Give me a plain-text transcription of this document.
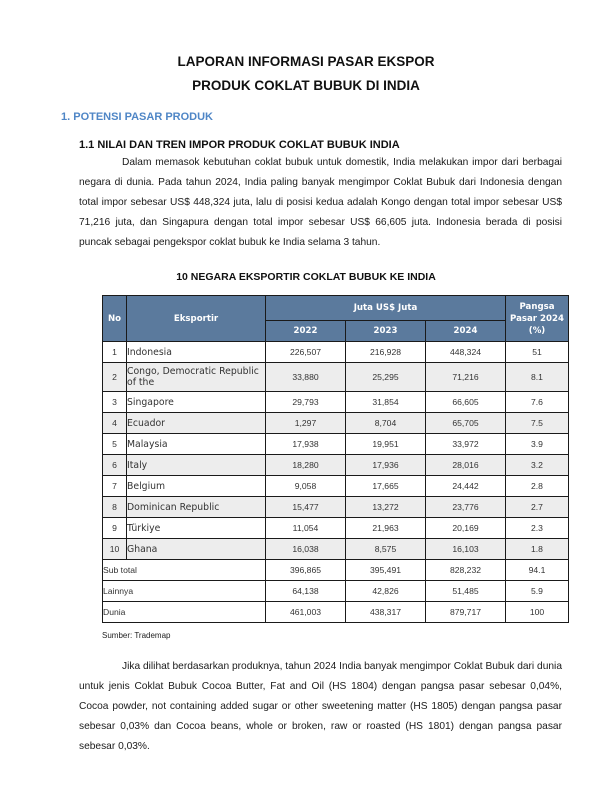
LAPORAN INFORMASI PASAR EKSPOR
PRODUK COKLAT BUBUK DI INDIA
1. POTENSI PASAR PRODUK
1.1 NILAI DAN TREN IMPOR PRODUK COKLAT BUBUK INDIA
Dalam memasok kebutuhan coklat bubuk untuk domestik, India melakukan impor dari berbagai negara di dunia. Pada tahun 2024, India paling banyak mengimpor Coklat Bubuk dari Indonesia dengan total impor sebesar US$ 448,324 juta, lalu di posisi kedua adalah Kongo dengan total impor sebesar US$ 71,216 juta, dan Singapura dengan total impor sebesar US$ 66,605 juta. Indonesia berada di posisi puncak sebagai pengekspor coklat bubuk ke India selama 3 tahun.
10 NEGARA EKSPORTIR COKLAT BUBUK KE INDIA
No	Eksportir	Juta US$ Juta			Pangsa
Pasar 2024
(%)
		2022	2023	2024	
1	Indonesia	226,507	216,928	448,324	51
2	Congo, Democratic Republic of the	33,880	25,295	71,216	8.1
3	Singapore	29,793	31,854	66,605	7.6
4	Ecuador	1,297	8,704	65,705	7.5
5	Malaysia	17,938	19,951	33,972	3.9
6	Italy	18,280	17,936	28,016	3.2
7	Belgium	9,058	17,665	24,442	2.8
8	Dominican Republic	15,477	13,272	23,776	2.7
9	Türkiye	11,054	21,963	20,169	2.3
10	Ghana	16,038	8,575	16,103	1.8
Sub total		396,865	395,491	828,232	94.1
Lainnya		64,138	42,826	51,485	5.9
Dunia		461,003	438,317	879,717	100
Sumber: Trademap
Jika dilihat berdasarkan produknya, tahun 2024 India banyak mengimpor Coklat Bubuk dari dunia untuk jenis Coklat Bubuk Cocoa Butter, Fat and Oil (HS 1804) dengan pangsa pasar sebesar 0,04%, Cocoa powder, not containing added sugar or other sweetening matter (HS 1805) dengan pangsa pasar sebesar 0,03% dan Cocoa beans, whole or broken, raw or roasted (HS 1801) dengan pangsa pasar sebesar 0,03%.
